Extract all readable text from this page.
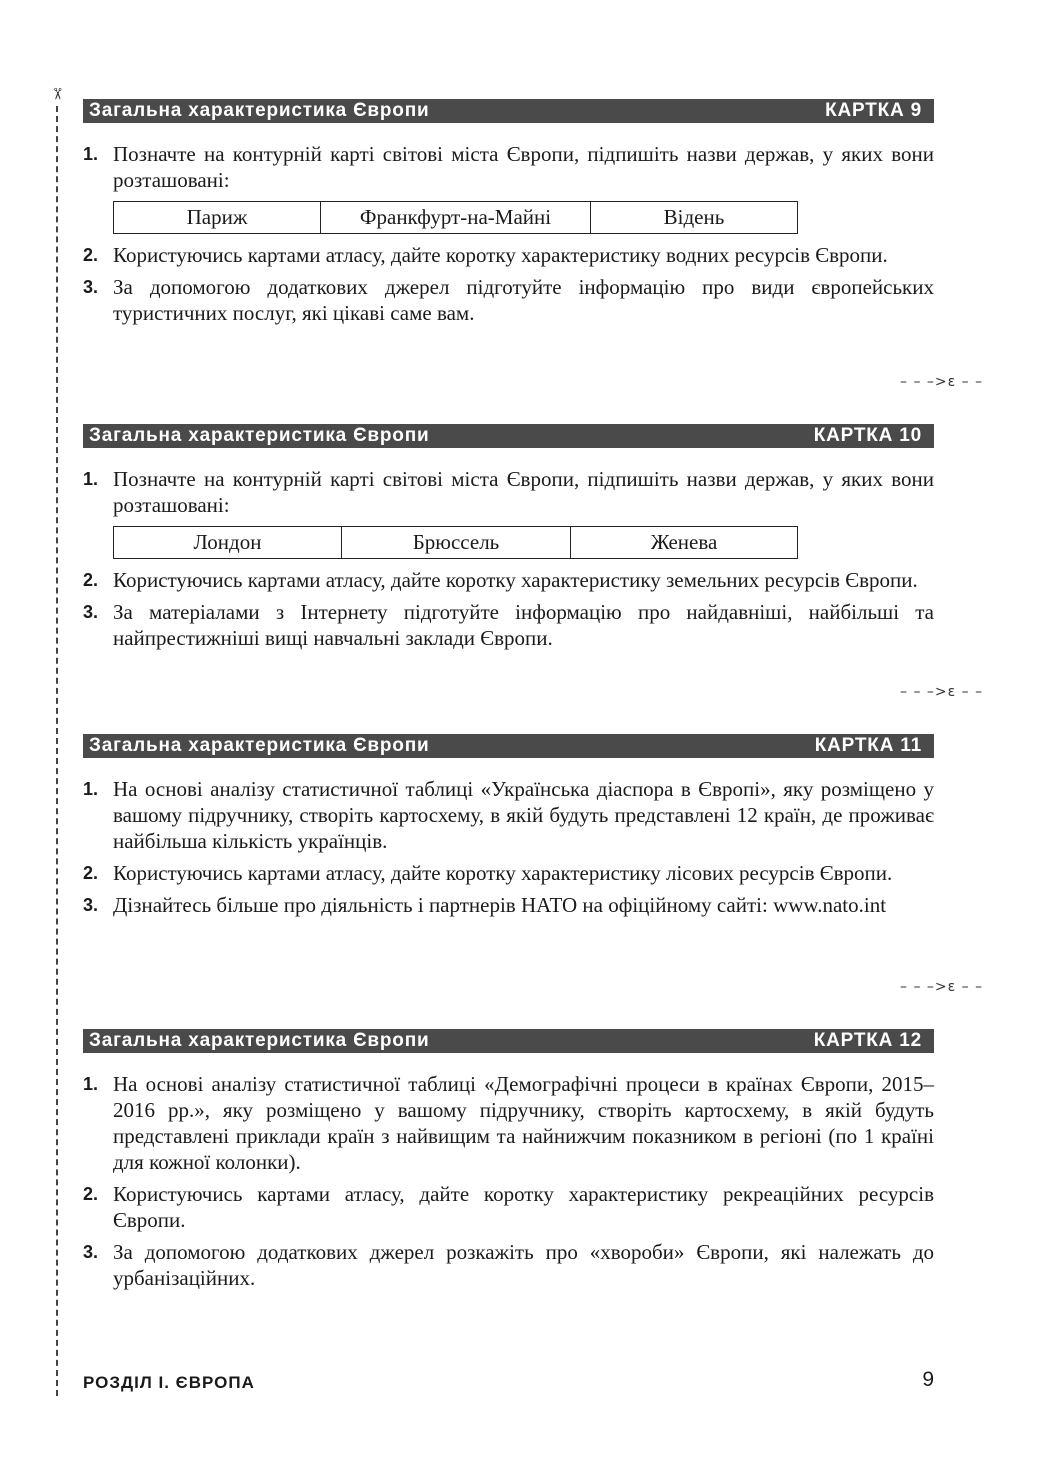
✂
Загальна характеристика Європи	КАРТКА 9
1. Позначте на контурній карті світові міста Європи, підпишіть назви держав, у яких вони розташовані:
Париж	Франкфурт-на-Майні	Відень
2. Користуючись картами атласу, дайте коротку характеристику водних ресурсів Європи.
3. За допомогою додаткових джерел підготуйте інформацію про види європейських туристичних послуг, які цікаві саме вам.
– – –>ε – –
Загальна характеристика Європи	КАРТКА 10
1. Позначте на контурній карті світові міста Європи, підпишіть назви держав, у яких вони розташовані:
Лондон	Брюссель	Женева
2. Користуючись картами атласу, дайте коротку характеристику земельних ресурсів Європи.
3. За матеріалами з Інтернету підготуйте інформацію про найдавніші, найбільші та найпрестижніші вищі навчальні заклади Європи.
– – –>ε – –
Загальна характеристика Європи	КАРТКА 11
1. На основі аналізу статистичної таблиці «Українська діаспора в Європі», яку розміщено у вашому підручнику, створіть картосхему, в якій будуть представлені 12 країн, де проживає найбільша кількість українців.
2. Користуючись картами атласу, дайте коротку характеристику лісових ресурсів Європи.
3. Дізнайтесь більше про діяльність і партнерів НАТО на офіційному сайті: www.nato.int
– – –>ε – –
Загальна характеристика Європи	КАРТКА 12
1. На основі аналізу статистичної таблиці «Демографічні процеси в країнах Європи, 2015–2016 рр.», яку розміщено у вашому підручнику, створіть картосхему, в якій будуть представлені приклади країн з найвищим та найнижчим показником в регіоні (по 1 країні для кожної колонки).
2. Користуючись картами атласу, дайте коротку характеристику рекреаційних ресурсів Європи.
3. За допомогою додаткових джерел розкажіть про «хвороби» Європи, які належать до урбанізаційних.
РОЗДІЛ І. ЄВРОПА	9
